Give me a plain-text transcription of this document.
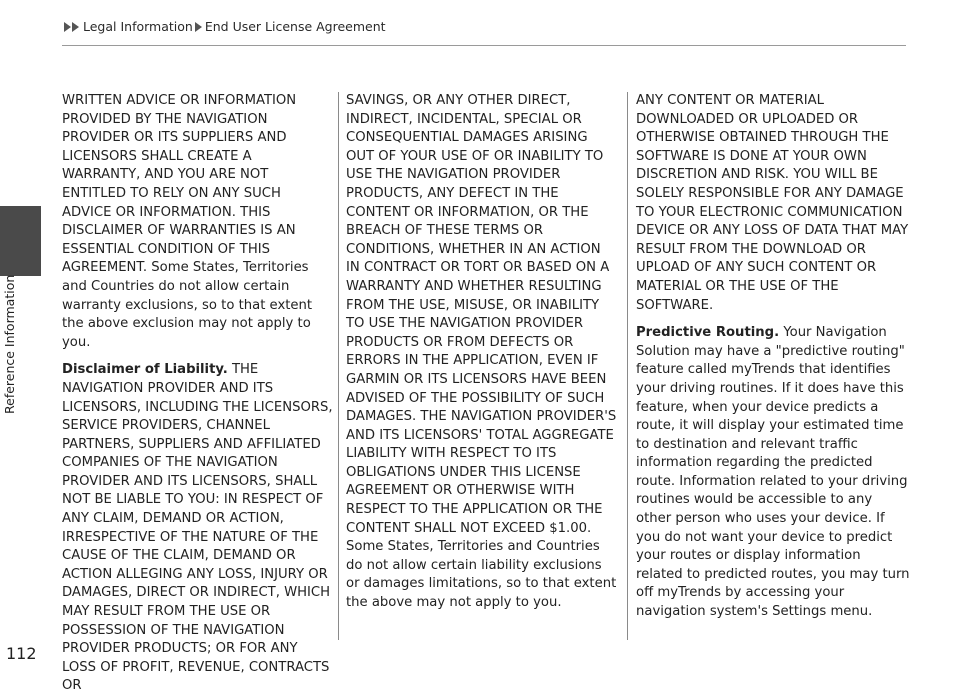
Legal Information End User License Agreement
Reference Information
112

WRITTEN ADVICE OR INFORMATION PROVIDED BY THE NAVIGATION PROVIDER OR ITS SUPPLIERS AND LICENSORS SHALL CREATE A WARRANTY, AND YOU ARE NOT ENTITLED TO RELY ON ANY SUCH ADVICE OR INFORMATION. THIS DISCLAIMER OF WARRANTIES IS AN ESSENTIAL CONDITION OF THIS AGREEMENT. Some States, Territories and Countries do not allow certain warranty exclusions, so to that extent the above exclusion may not apply to you.

Disclaimer of Liability. THE NAVIGATION PROVIDER AND ITS LICENSORS, INCLUDING THE LICENSORS, SERVICE PROVIDERS, CHANNEL PARTNERS, SUPPLIERS AND AFFILIATED COMPANIES OF THE NAVIGATION PROVIDER AND ITS LICENSORS, SHALL NOT BE LIABLE TO YOU: IN RESPECT OF ANY CLAIM, DEMAND OR ACTION, IRRESPECTIVE OF THE NATURE OF THE CAUSE OF THE CLAIM, DEMAND OR ACTION ALLEGING ANY LOSS, INJURY OR DAMAGES, DIRECT OR INDIRECT, WHICH MAY RESULT FROM THE USE OR POSSESSION OF THE NAVIGATION PROVIDER PRODUCTS; OR FOR ANY LOSS OF PROFIT, REVENUE, CONTRACTS OR

SAVINGS, OR ANY OTHER DIRECT, INDIRECT, INCIDENTAL, SPECIAL OR CONSEQUENTIAL DAMAGES ARISING OUT OF YOUR USE OF OR INABILITY TO USE THE NAVIGATION PROVIDER PRODUCTS, ANY DEFECT IN THE CONTENT OR INFORMATION, OR THE BREACH OF THESE TERMS OR CONDITIONS, WHETHER IN AN ACTION IN CONTRACT OR TORT OR BASED ON A WARRANTY AND WHETHER RESULTING FROM THE USE, MISUSE, OR INABILITY TO USE THE NAVIGATION PROVIDER PRODUCTS OR FROM DEFECTS OR ERRORS IN THE APPLICATION, EVEN IF GARMIN OR ITS LICENSORS HAVE BEEN ADVISED OF THE POSSIBILITY OF SUCH DAMAGES. THE NAVIGATION PROVIDER'S AND ITS LICENSORS' TOTAL AGGREGATE LIABILITY WITH RESPECT TO ITS OBLIGATIONS UNDER THIS LICENSE AGREEMENT OR OTHERWISE WITH RESPECT TO THE APPLICATION OR THE CONTENT SHALL NOT EXCEED $1.00. Some States, Territories and Countries do not allow certain liability exclusions or damages limitations, so to that extent the above may not apply to you.

ANY CONTENT OR MATERIAL DOWNLOADED OR UPLOADED OR OTHERWISE OBTAINED THROUGH THE SOFTWARE IS DONE AT YOUR OWN DISCRETION AND RISK. YOU WILL BE SOLELY RESPONSIBLE FOR ANY DAMAGE TO YOUR ELECTRONIC COMMUNICATION DEVICE OR ANY LOSS OF DATA THAT MAY RESULT FROM THE DOWNLOAD OR UPLOAD OF ANY SUCH CONTENT OR MATERIAL OR THE USE OF THE SOFTWARE.

Predictive Routing. Your Navigation Solution may have a "predictive routing" feature called myTrends that identifies your driving routines. If it does have this feature, when your device predicts a route, it will display your estimated time to destination and relevant traffic information regarding the predicted route. Information related to your driving routines would be accessible to any other person who uses your device. If you do not want your device to predict your routes or display information related to predicted routes, you may turn off myTrends by accessing your navigation system's Settings menu.
